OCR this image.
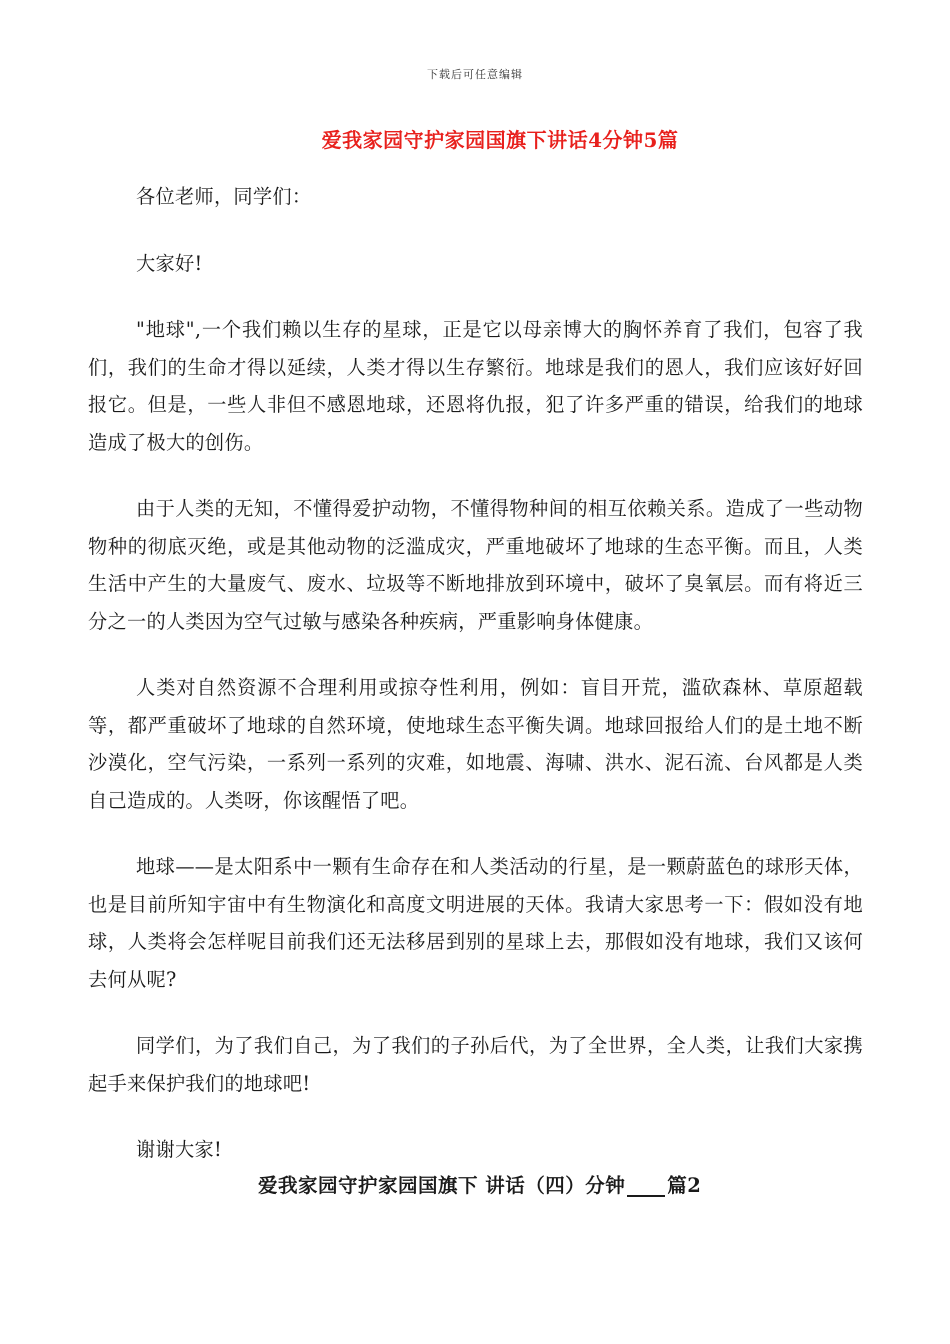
下载后可任意编辑
爱我家园守护家园国旗下讲话4分钟5篇

各位老师，同学们：

大家好!

"地球",一个我们赖以生存的星球，正是它以母亲博大的胸怀养育了我们，包容了我们，我们的生命才得以延续，人类才得以生存繁衍。地球是我们的恩人，我们应该好好回报它。但是，一些人非但不感恩地球，还恩将仇报，犯了许多严重的错误，给我们的地球造成了极大的创伤。

由于人类的无知，不懂得爱护动物，不懂得物种间的相互依赖关系。造成了一些动物物种的彻底灭绝，或是其他动物的泛滥成灾，严重地破坏了地球的生态平衡。而且，人类生活中产生的大量废气、废水、垃圾等不断地排放到环境中，破坏了臭氧层。而有将近三分之一的人类因为空气过敏与感染各种疾病，严重影响身体健康。

人类对自然资源不合理利用或掠夺性利用，例如：盲目开荒，滥砍森林、草原超载等，都严重破坏了地球的自然环境，使地球生态平衡失调。地球回报给人们的是土地不断沙漠化，空气污染，一系列一系列的灾难，如地震、海啸、洪水、泥石流、台风都是人类自己造成的。人类呀，你该醒悟了吧。

地球——是太阳系中一颗有生命存在和人类活动的行星，是一颗蔚蓝色的球形天体，也是目前所知宇宙中有生物演化和高度文明进展的天体。我请大家思考一下：假如没有地球，人类将会怎样呢目前我们还无法移居到别的星球上去，那假如没有地球，我们又该何去何从呢?

同学们，为了我们自己，为了我们的子孙后代，为了全世界，全人类，让我们大家携起手来保护我们的地球吧!

谢谢大家!

爱我家园守护家园国旗下 讲话（四）分钟 篇2
